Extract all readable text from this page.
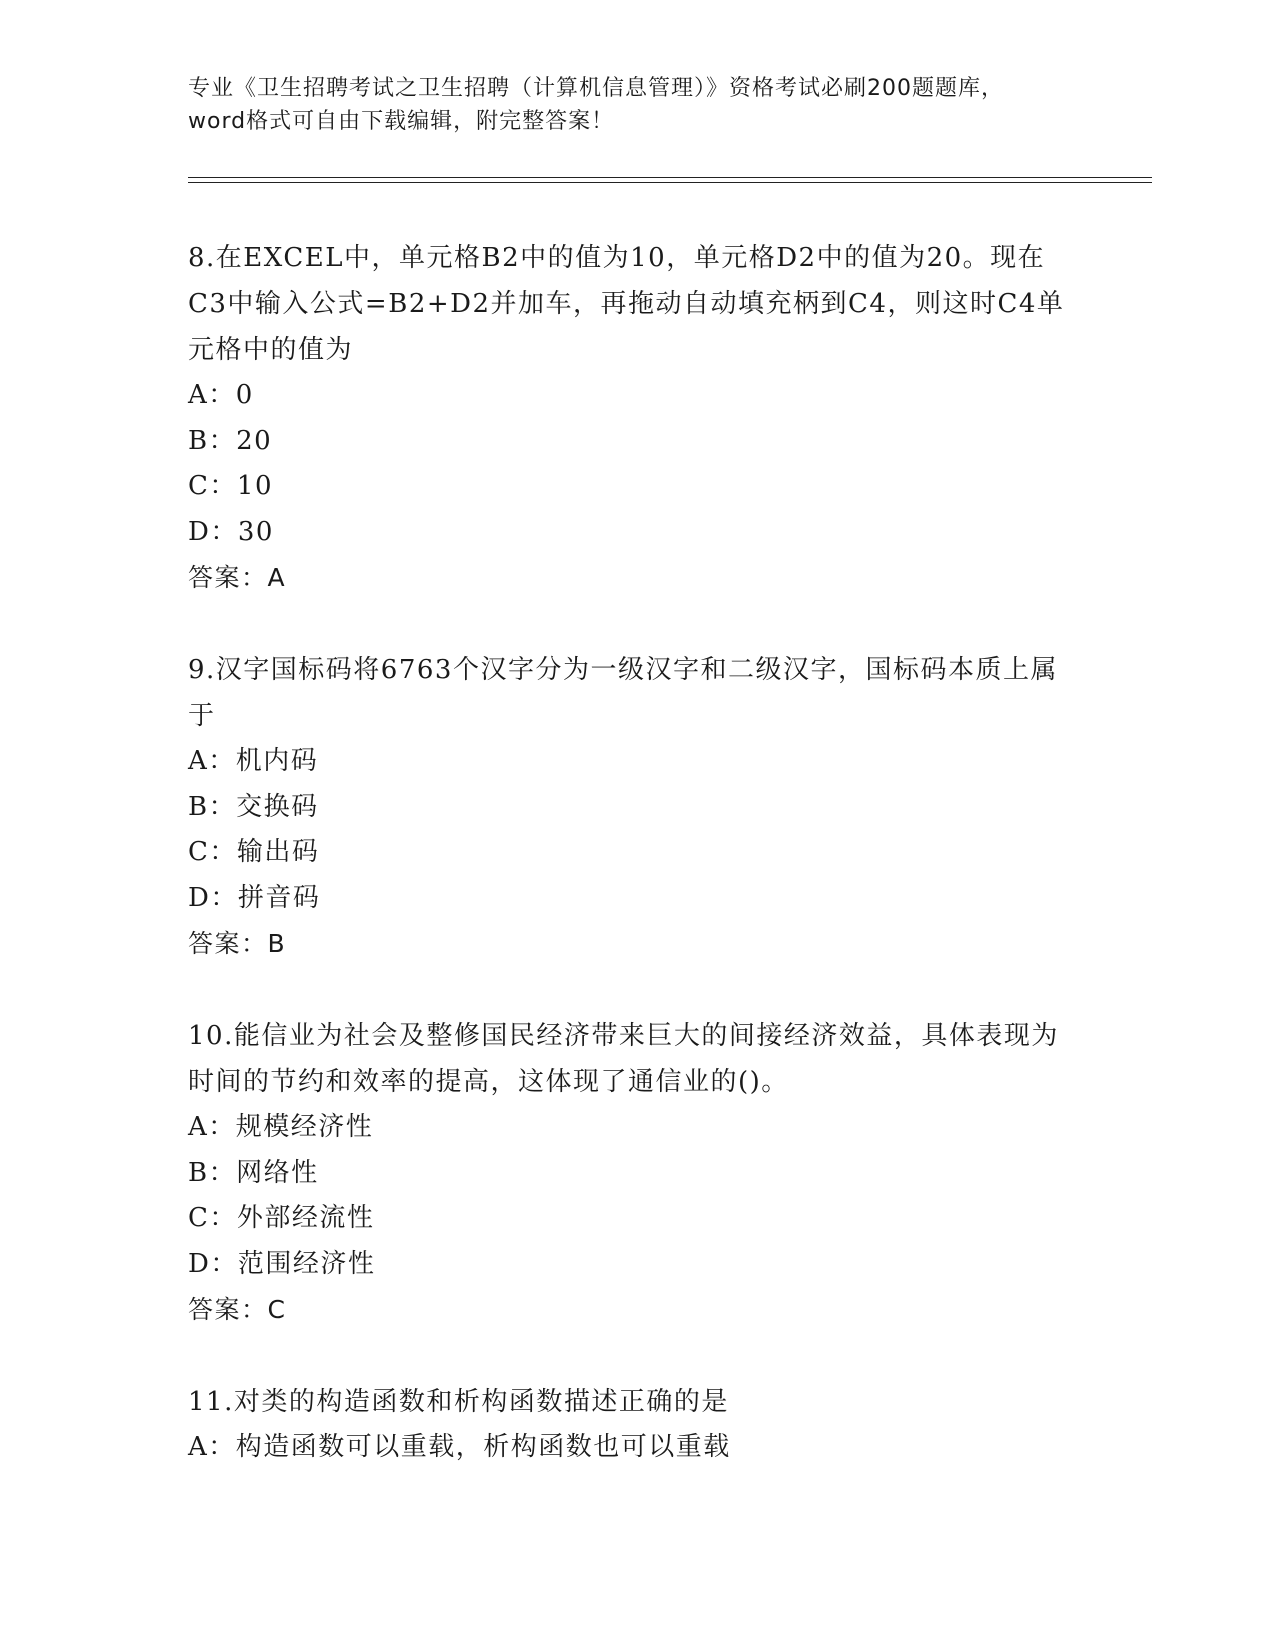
专业《卫生招聘考试之卫生招聘（计算机信息管理）》资格考试必刷200题题库，
word格式可自由下载编辑，附完整答案！

8.在EXCEL中，单元格B2中的值为10，单元格D2中的值为20。现在C3中输入公式=B2+D2并加车，再拖动自动填充柄到C4，则这时C4单元格中的值为

A：0

B：20

C：10

D：30

答案：A

9.汉字国标码将6763个汉字分为一级汉字和二级汉字，国标码本质上属于

A：机内码

B：交换码

C：输出码

D：拼音码

答案：B

10.能信业为社会及整修国民经济带来巨大的间接经济效益，具体表现为时间的节约和效率的提高，这体现了通信业的()。

A：规模经济性

B：网络性

C：外部经流性

D：范围经济性

答案：C

11.对类的构造函数和析构函数描述正确的是

A：构造函数可以重载，析构函数也可以重载
